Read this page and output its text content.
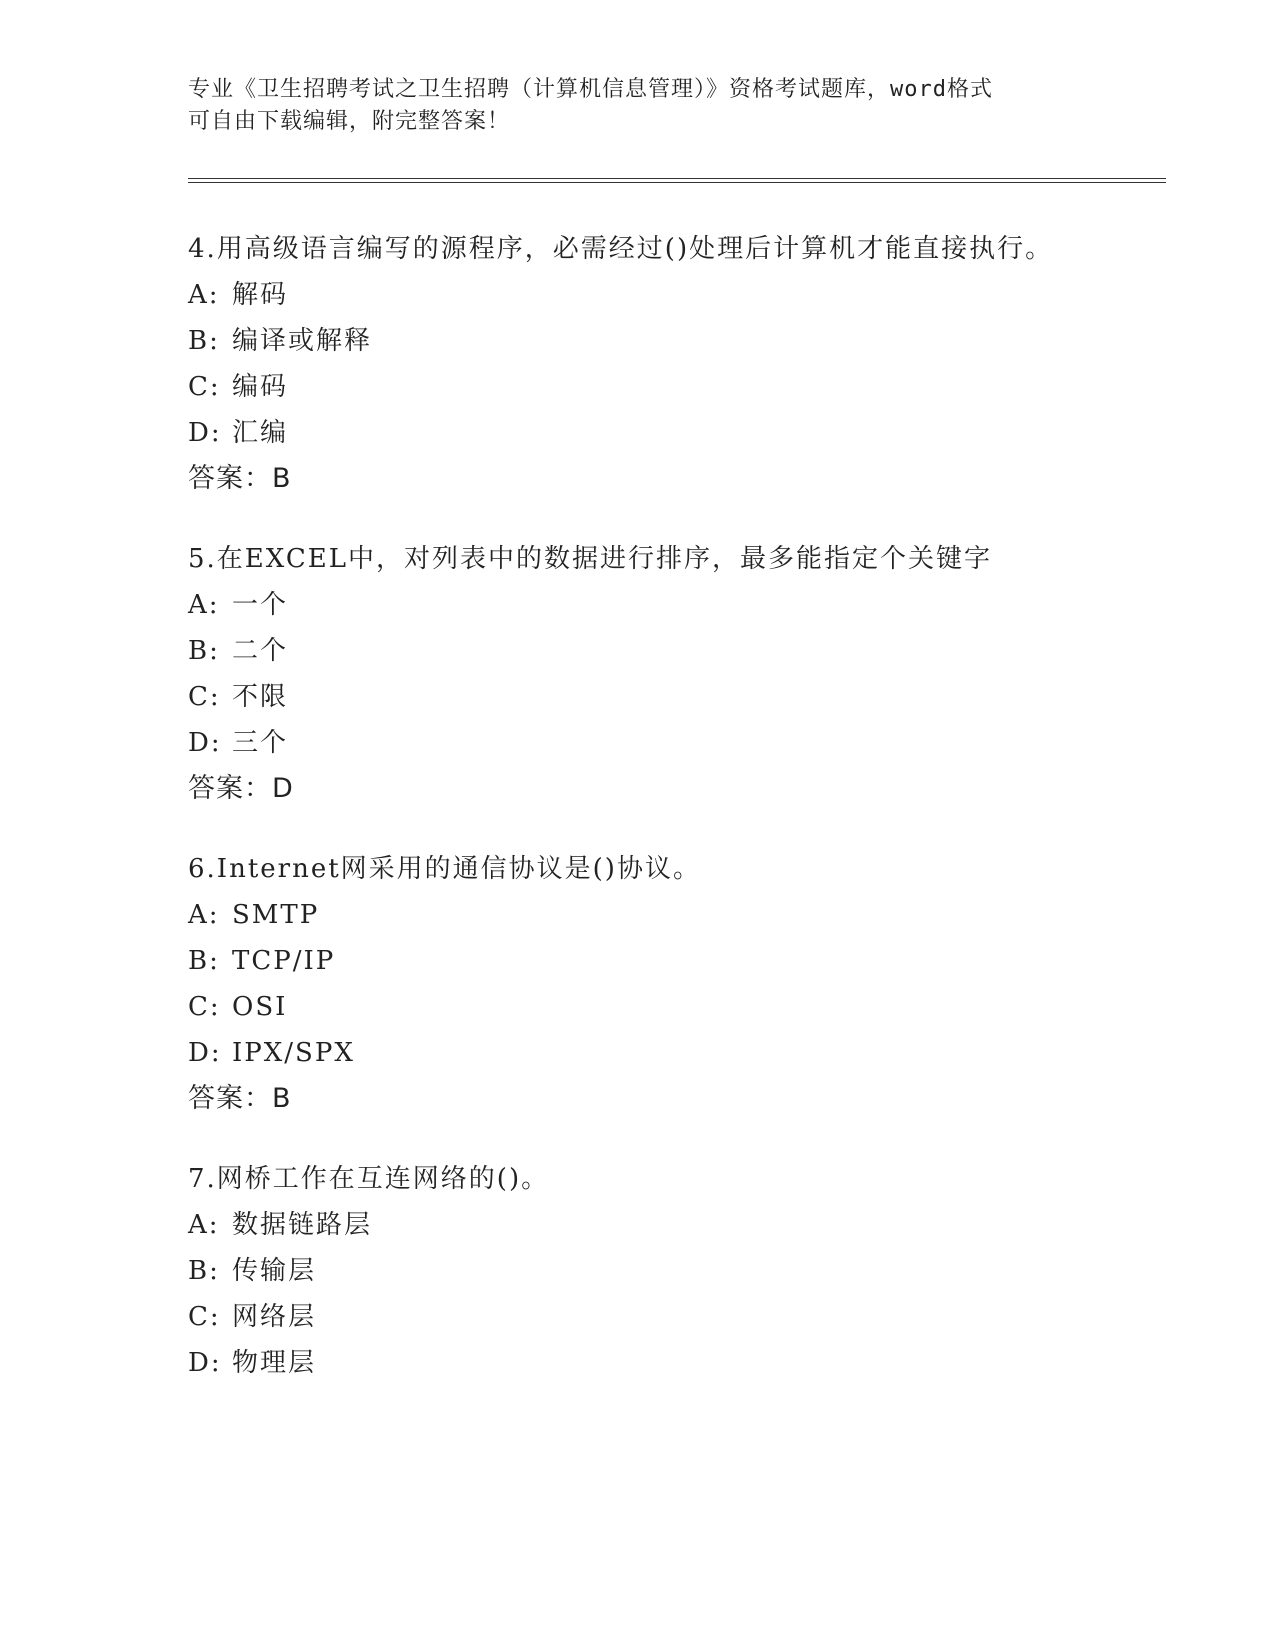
专业《卫生招聘考试之卫生招聘（计算机信息管理）》资格考试题库，word格式
可自由下载编辑，附完整答案！
4.用高级语言编写的源程序，必需经过()处理后计算机才能直接执行。
A: 解码
B: 编译或解释
C: 编码
D: 汇编
答案：B
5.在EXCEL中，对列表中的数据进行排序，最多能指定个关键字
A: 一个
B: 二个
C: 不限
D: 三个
答案：D
6.Internet网采用的通信协议是()协议。
A: SMTP
B: TCP/IP
C: OSI
D: IPX/SPX
答案：B
7.网桥工作在互连网络的()。
A: 数据链路层
B: 传输层
C: 网络层
D: 物理层
